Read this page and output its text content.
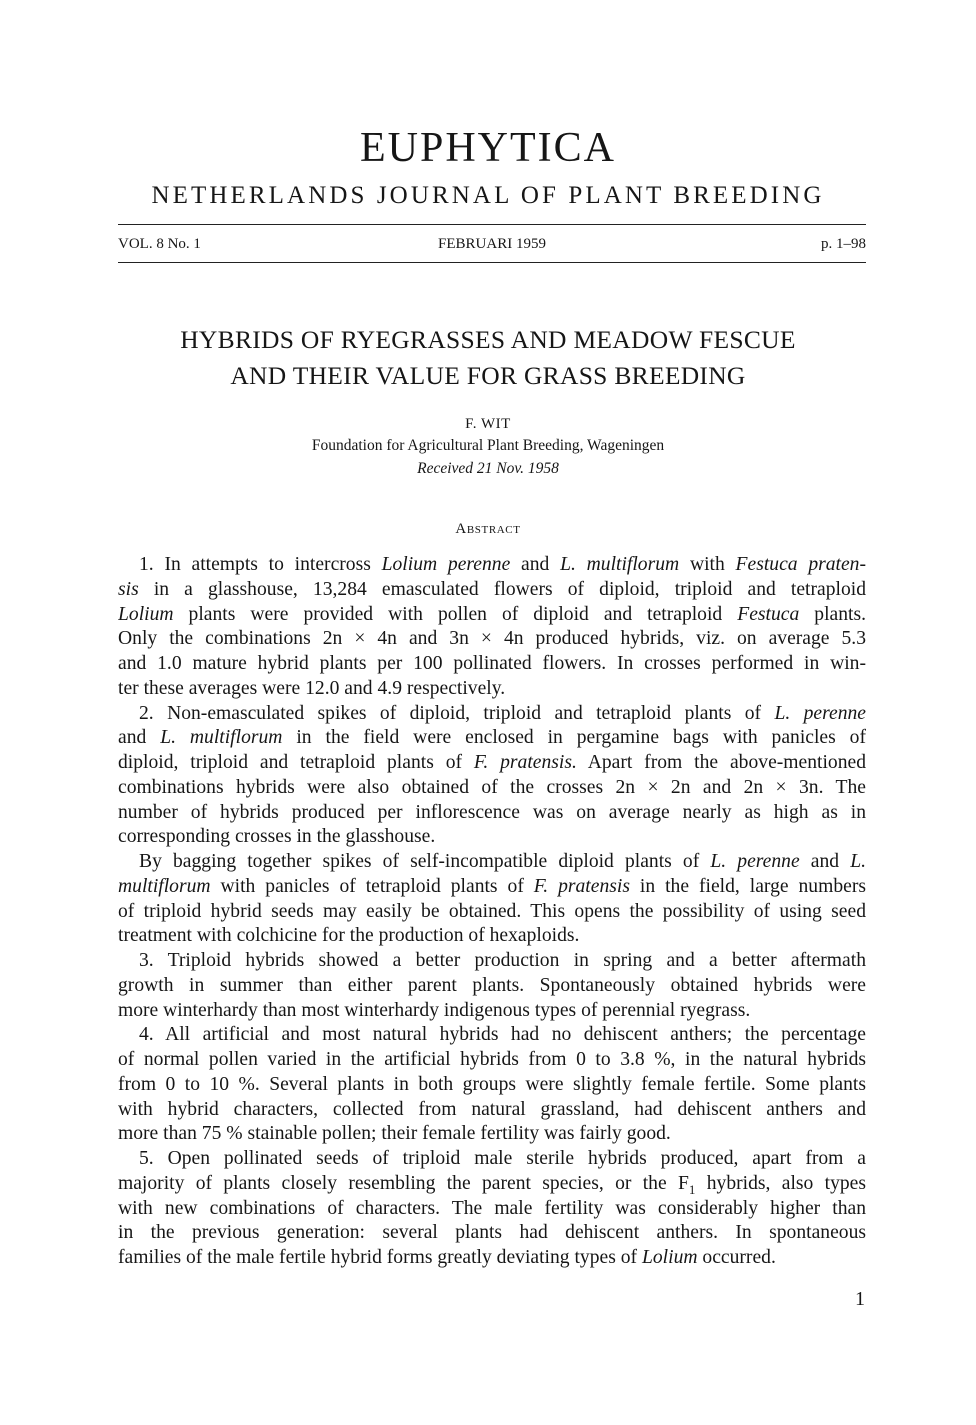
EUPHYTICA
NETHERLANDS JOURNAL OF PLANT BREEDING
VOL. 8 No. 1	FEBRUARI 1959	p. 1–98
HYBRIDS OF RYEGRASSES AND MEADOW FESCUE
AND THEIR VALUE FOR GRASS BREEDING
F. WIT
Foundation for Agricultural Plant Breeding, Wageningen
Abstract
1. In attempts to intercross Lolium perenne and L. multiflorum with Festuca praten-
sis in a glasshouse, 13,284 emasculated flowers of diploid, triploid and tetraploid
Lolium plants were provided with pollen of diploid and tetraploid Festuca plants.
Only the combinations 2n × 4n and 3n × 4n produced hybrids, viz. on average 5.3
and 1.0 mature hybrid plants per 100 pollinated flowers. In crosses performed in win-
ter these averages were 12.0 and 4.9 respectively.
2. Non-emasculated spikes of diploid, triploid and tetraploid plants of L. perenne
and L. multiflorum in the field were enclosed in pergamine bags with panicles of
diploid, triploid and tetraploid plants of F. pratensis. Apart from the above-mentioned
combinations hybrids were also obtained of the crosses 2n × 2n and 2n × 3n. The
number of hybrids produced per inflorescence was on average nearly as high as in
corresponding crosses in the glasshouse.
By bagging together spikes of self-incompatible diploid plants of L. perenne and L.
multiflorum with panicles of tetraploid plants of F. pratensis in the field, large numbers
of triploid hybrid seeds may easily be obtained. This opens the possibility of using seed
treatment with colchicine for the production of hexaploids.
3. Triploid hybrids showed a better production in spring and a better aftermath
growth in summer than either parent plants. Spontaneously obtained hybrids were
more winterhardy than most winterhardy indigenous types of perennial ryegrass.
4. All artificial and most natural hybrids had no dehiscent anthers; the percentage
of normal pollen varied in the artificial hybrids from 0 to 3.8 %, in the natural hybrids
from 0 to 10 %. Several plants in both groups were slightly female fertile. Some plants
with hybrid characters, collected from natural grassland, had dehiscent anthers and
more than 75 % stainable pollen; their female fertility was fairly good.
5. Open pollinated seeds of triploid male sterile hybrids produced, apart from a
majority of plants closely resembling the parent species, or the $F_1$ hybrids, also types
with new combinations of characters. The male fertility was considerably higher than
in the previous generation: several plants had dehiscent anthers. In spontaneous
families of the male fertile hybrid forms greatly deviating types of Lolium occurred.
1
Received 21 Nov. 1958
